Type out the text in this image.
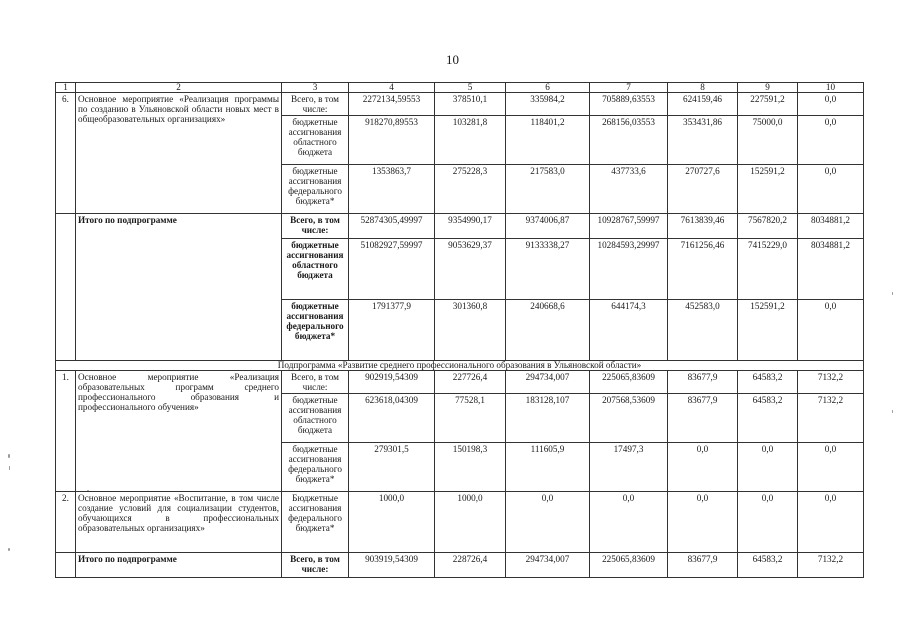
10
1	2	3	4	5	6	7	8	9	10
6.	Основное мероприятие «Реализация программы по созданию в Ульяновской области новых мест в общеобразовательных организациях»	Всего, в том числе:	2272134,59553	378510,1	335984,2	705889,63553	624159,46	227591,2	0,0
		бюджетные ассигнования областного бюджета	918270,89553	103281,8	118401,2	268156,03553	353431,86	75000,0	0,0
		бюджетные ассигнования федерального бюджета*	1353863,7	275228,3	217583,0	437733,6	270727,6	152591,2	0,0
	Итого по подпрограмме	Всего, в том числе:	52874305,49997	9354990,17	9374006,87	10928767,59997	7613839,46	7567820,2	8034881,2
		бюджетные ассигнования областного бюджета	51082927,59997	9053629,37	9133338,27	10284593,29997	7161256,46	7415229,0	8034881,2
		бюджетные ассигнования федерального бюджета*	1791377,9	301360,8	240668,6	644174,3	452583,0	152591,2	0,0
Подпрограмма «Развитие среднего профессионального образования в Ульяновской области»									
1.	Основное мероприятие «Реализация образовательных программ среднего профессионального образования и профессионального обучения»	Всего, в том числе:	902919,54309	227726,4	294734,007	225065,83609	83677,9	64583,2	7132,2
		бюджетные ассигнования областного бюджета	623618,04309	77528,1	183128,107	207568,53609	83677,9	64583,2	7132,2
		бюджетные ассигнования федерального бюджета*	279301,5	150198,3	111605,9	17497,3	0,0	0,0	0,0
2.	Основное мероприятие «Воспитание, в том числе создание условий для социализации студентов, обучающихся в профессиональных образовательных организациях»	Бюджетные ассигнования федерального бюджета*	1000,0	1000,0	0,0	0,0	0,0	0,0	0,0
	Итого по подпрограмме	Всего, в том числе:	903919,54309	228726,4	294734,007	225065,83609	83677,9	64583,2	7132,2
